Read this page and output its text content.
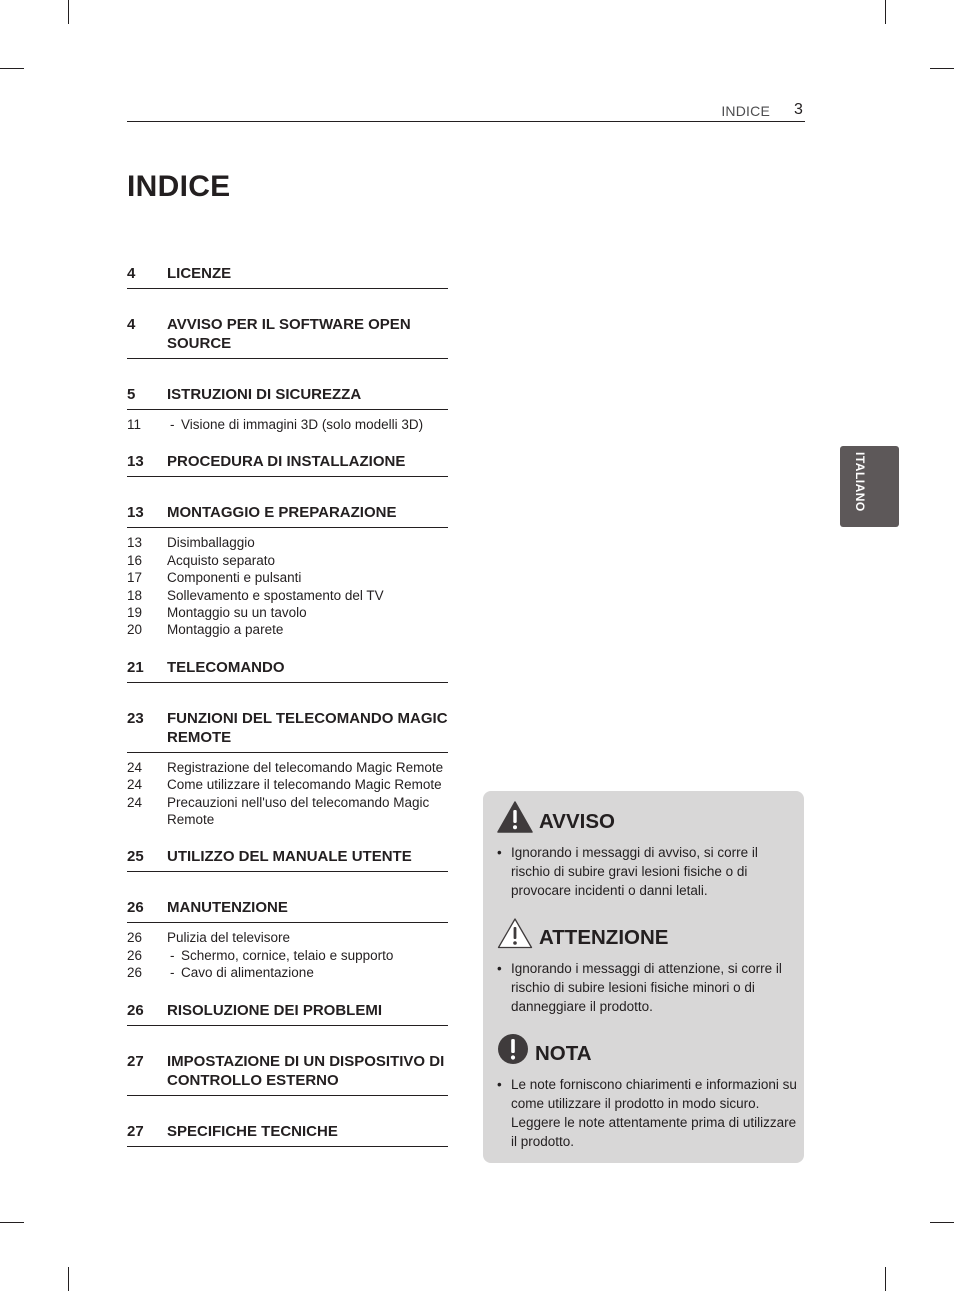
INDICE 3
INDICE
ITALIANO
4	LICENZE
4	AVVISO PER IL SOFTWARE OPEN SOURCE
5	ISTRUZIONI DI SICUREZZA
11	- Visione di immagini 3D (solo modelli 3D)
13	PROCEDURA DI INSTALLAZIONE
13	MONTAGGIO E PREPARAZIONE
13	Disimballaggio
16	Acquisto separato
17	Componenti e pulsanti
18	Sollevamento e spostamento del TV
19	Montaggio su un tavolo
20	Montaggio a parete
21	TELECOMANDO
23	FUNZIONI DEL TELECOMANDO MAGIC REMOTE
24	Registrazione del telecomando Magic Remote
24	Come utilizzare il telecomando Magic Remote
24	Precauzioni nell'uso del telecomando Magic Remote
25	UTILIZZO DEL MANUALE UTENTE
26	MANUTENZIONE
26	Pulizia del televisore
26	- Schermo, cornice, telaio e supporto
26	- Cavo di alimentazione
26	RISOLUZIONE DEI PROBLEMI
27	IMPOSTAZIONE DI UN DISPOSITIVO DI CONTROLLO ESTERNO
27	SPECIFICHE TECNICHE
AVVISO
• Ignorando i messaggi di avviso, si corre il rischio di subire gravi lesioni fisiche o di provocare incidenti o danni letali.
ATTENZIONE
• Ignorando i messaggi di attenzione, si corre il rischio di subire lesioni fisiche minori o di danneggiare il prodotto.
NOTA
• Le note forniscono chiarimenti e informazioni su come utilizzare il prodotto in modo sicuro. Leggere le note attentamente prima di utilizzare il prodotto.
